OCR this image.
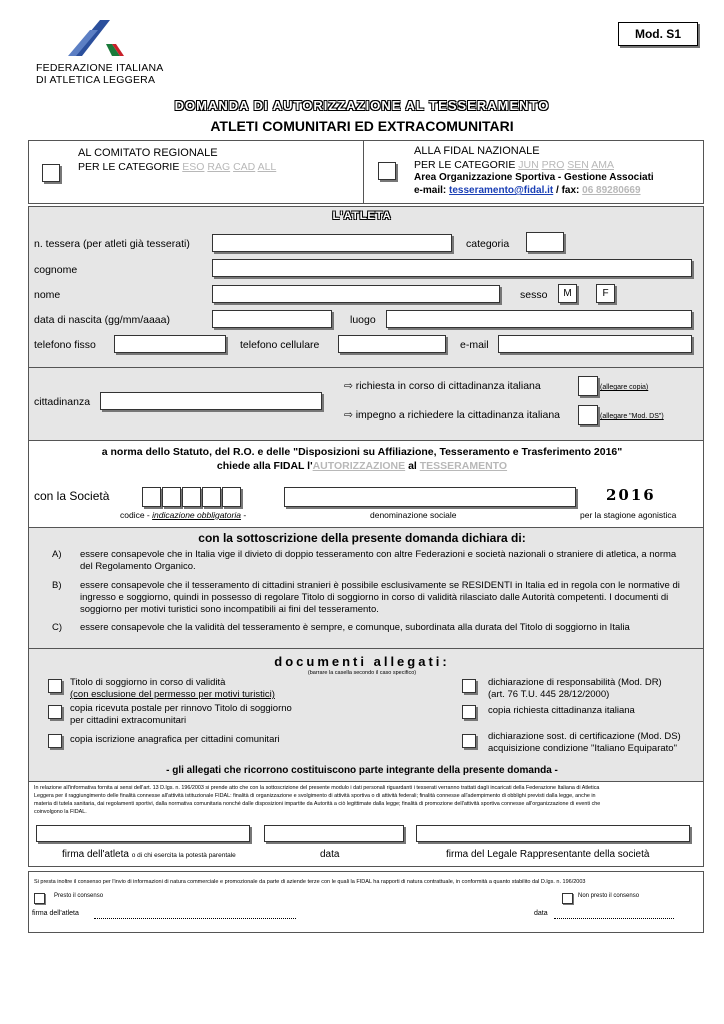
FEDERAZIONE ITALIANA
DI ATLETICA LEGGERA
Mod. S1
DOMANDA DI AUTORIZZAZIONE AL TESSERAMENTO
ATLETI COMUNITARI ED EXTRACOMUNITARI
AL COMITATO REGIONALE
PER LE CATEGORIE ESO RAG CAD ALL
ALLA FIDAL NAZIONALE
PER LE CATEGORIE JUN PRO SEN AMA
Area Organizzazione Sportiva - Gestione Associati
e-mail: tesseramento@fidal.it / fax: 06 89280669
L'ATLETA
n. tessera (per atleti già tesserati)	categoria
cognome
nome	sesso	M	F
data di nascita (gg/mm/aaaa)	luogo
telefono fisso	telefono cellulare	e-mail
cittadinanza
⇨ richiesta in corso di cittadinanza italiana	(allegare copia)
⇨ impegno a richiedere la cittadinanza italiana	(allegare "Mod. DS")
a norma dello Statuto, del R.O. e delle "Disposizioni su Affiliazione, Tesseramento e Trasferimento 2016"
chiede alla FIDAL l'AUTORIZZAZIONE al TESSERAMENTO
con la Società	2016
codice - indicazione obbligatoria -	denominazione sociale	per la stagione agonistica
con la sottoscrizione della presente domanda dichiara di:
A) essere consapevole che in Italia vige il divieto di doppio tesseramento con altre Federazioni e società nazionali o straniere di atletica, a norma
del Regolamento Organico.
B) essere consapevole che il tesseramento di cittadini stranieri è possibile esclusivamente se RESIDENTI in Italia ed in regola con le normative di
ingresso e soggiorno, quindi in possesso di regolare Titolo di soggiorno in corso di validità rilasciato dalle Autorità competenti. I documenti di
soggiorno per motivi turistici sono incompatibili ai fini del tesseramento.
C) essere consapevole che la validità del tesseramento è sempre, e comunque, subordinata alla durata del Titolo di soggiorno in Italia
documenti allegati:
(barrare la casella secondo il caso specifico)
Titolo di soggiorno in corso di validità
(con esclusione del permesso per motivi turistici)
copia ricevuta postale per rinnovo Titolo di soggiorno
per cittadini extracomunitari
copia iscrizione anagrafica per cittadini comunitari
dichiarazione di responsabilità (Mod. DR)
(art. 76 T.U. 445 28/12/2000)
copia richiesta cittadinanza italiana
dichiarazione sost. di certificazione (Mod. DS)
acquisizione condizione "Italiano Equiparato"
- gli allegati che ricorrono costituiscono parte integrante della presente domanda -
In relazione all'informativa fornita ai sensi dell'art. 13 D.lgs. n. 196/2003 si prende atto che con la sottoscrizione del presente modulo i dati personali riguardanti i tesserati verranno trattati dagli incaricati della Federazione Italiana di Atletica
Leggera per il raggiungimento delle finalità connesse all'attività istituzionale FIDAL: finalità di organizzazione e svolgimento di attività sportiva o di attività federali; finalità connesse all'adempimento di obblighi previsti dalla legge, anche in
materia di tutela sanitaria, dai regolamenti sportivi, dalla normativa comunitaria nonché dalle disposizioni impartite da Autorità a ciò legittimate dalla legge; finalità di promozione dell'attività sportiva connesse all'organizzazione di eventi che
coinvolgono la FIDAL.
firma dell'atleta o di chi esercita la potestà parentale	data	firma del Legale Rappresentante della società
Si presta inoltre il consenso per l'invio di informazioni di natura commerciale e promozionale da parte di aziende terze con le quali la FIDAL ha rapporti di natura contrattuale, in conformità a quanto stabilito dal D.lgs. n. 196/2003
Presto il consenso	Non presto il consenso
firma dell'atleta	data
